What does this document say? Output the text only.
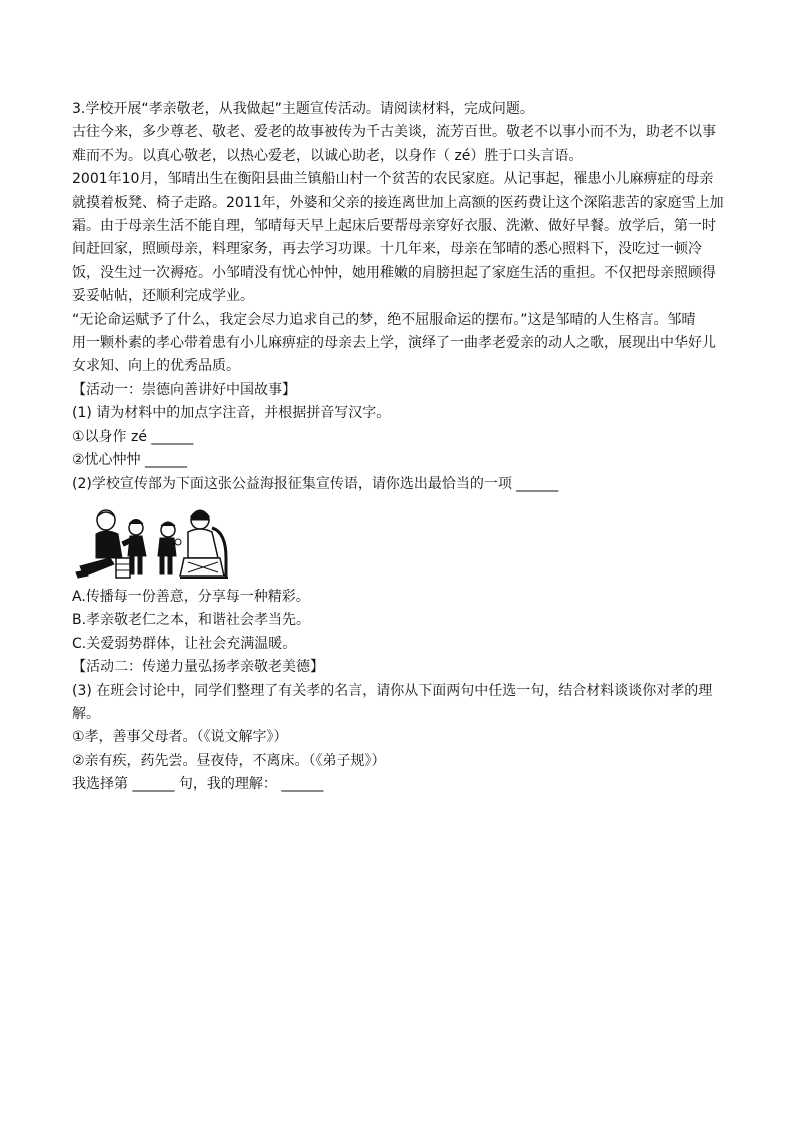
3.学校开展“孝亲敬老，从我做起”主题宣传活动。请阅读材料，完成问题。

古往今来，多少尊老、敬老、爱老的故事被传为千古美谈，流芳百世。敬老不以事小而不为，助老不以事

难而不为。以真心敬老，以热心爱老，以诚心助老，以身作（ zé）胜于口头言语。

2001年10月，邹晴出生在衡阳县曲兰镇船山村一个贫苦的农民家庭。从记事起，罹患小儿麻痹症的母亲

就摸着板凳、椅子走路。2011年，外婆和父亲的接连离世加上高额的医药费让这个深陷悲苦的家庭雪上加

霜。由于母亲生活不能自理，邹晴每天早上起床后要帮母亲穿好衣服、洗漱、做好早餐。放学后，第一时

间赶回家，照顾母亲，料理家务，再去学习功课。十几年来，母亲在邹晴的悉心照料下，没吃过一顿冷

饭，没生过一次褥疮。小邹晴没有忧心忡忡，她用稚嫩的肩膀担起了家庭生活的重担。不仅把母亲照顾得

妥妥帖帖，还顺利完成学业。

“无论命运赋予了什么，我定会尽力追求自己的梦，绝不屈服命运的摆布。”这是邹晴的人生格言。邹晴

用一颗朴素的孝心带着患有小儿麻痹症的母亲去上学，演绎了一曲孝老爱亲的动人之歌，展现出中华好儿

女求知、向上的优秀品质。

【活动一：崇德向善讲好中国故事】

(1) 请为材料中的加点字注音，并根据拼音写汉字。

①以身作 zé ______

②忧心忡忡 ______

(2)学校宣传部为下面这张公益海报征集宣传语，请你选出最恰当的一项 ______

A.传播每一份善意，分享每一种精彩。

B.孝亲敬老仁之本，和谐社会孝当先。

C.关爱弱势群体，让社会充满温暖。

【活动二：传递力量弘扬孝亲敬老美德】

(3) 在班会讨论中，同学们整理了有关孝的名言，请你从下面两句中任选一句，结合材料谈谈你对孝的理

解。

①孝，善事父母者。（《说文解字》）

②亲有疾，药先尝。昼夜侍，不离床。（《弟子规》）

我选择第 ______ 句，我的理解： ______
